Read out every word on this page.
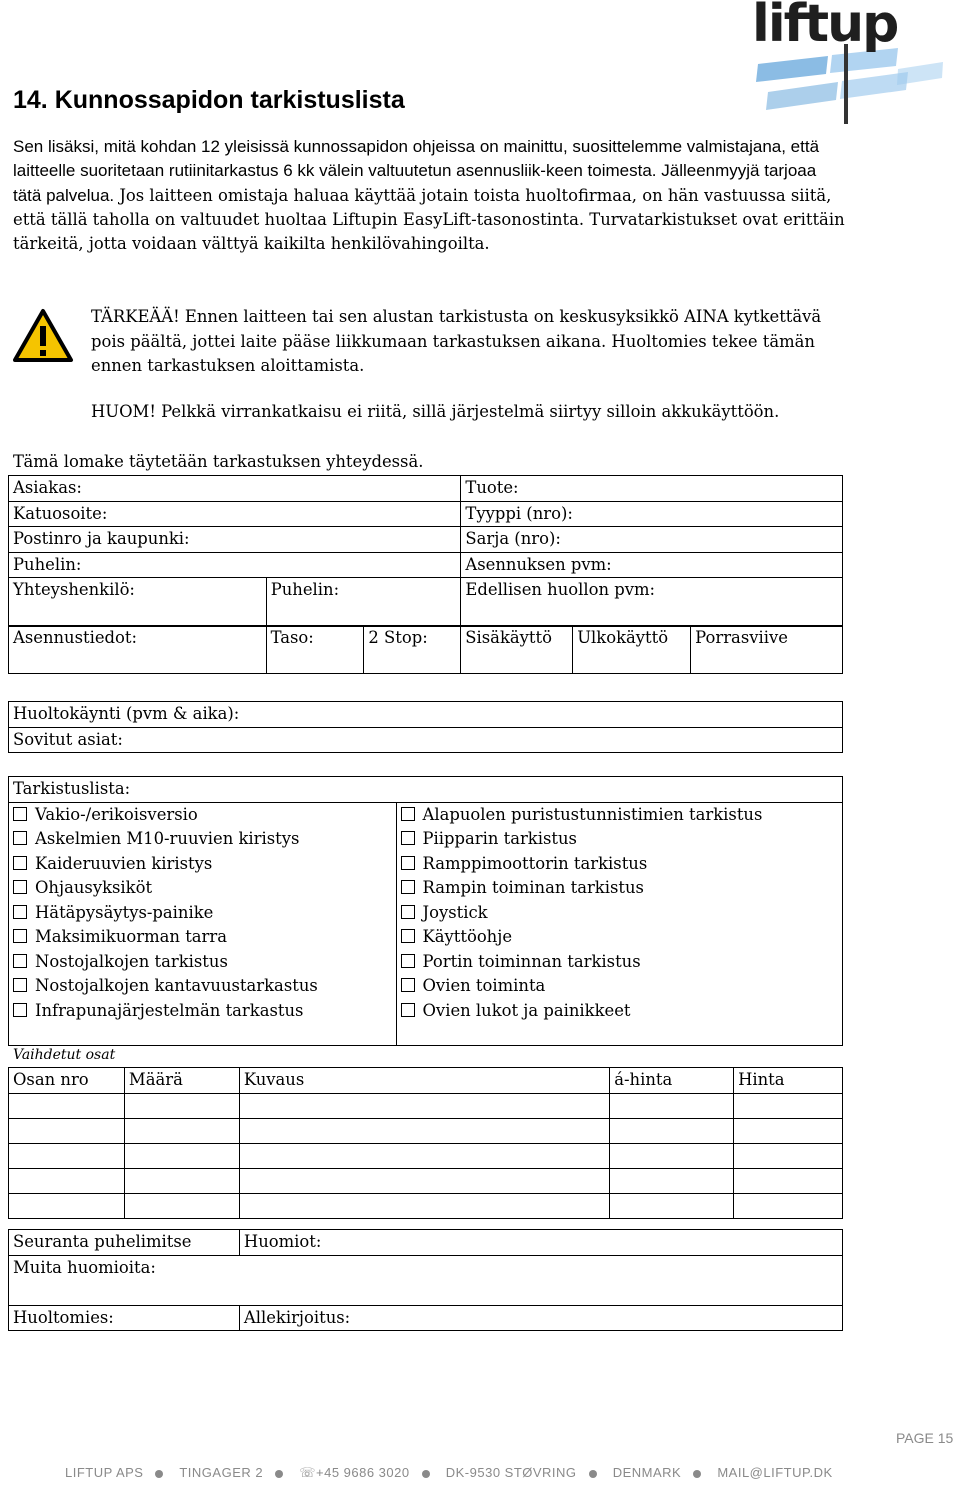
liftup
14. Kunnossapidon tarkistuslista
Sen lisäksi, mitä kohdan 12 yleisissä kunnossapidon ohjeissa on mainittu, suosittelemme valmistajana, että laitteelle suoritetaan rutiinitarkastus 6 kk välein valtuutetun asennusliik-keen toimesta. Jälleenmyyjä tarjoaa tätä palvelua. Jos laitteen omistaja haluaa käyttää jotain toista huoltofirmaa, on hän vastuussa siitä, että tällä taholla on valtuudet huoltaa Liftupin EasyLift-tasonostinta. Turvatarkistukset ovat erittäin tärkeitä, jotta voidaan välttyä kaikilta henkilövahingoilta.
TÄRKEÄÄ! Ennen laitteen tai sen alustan tarkistusta on keskusyksikkö AINA kytkettävä pois päältä, jottei laite pääse liikkumaan tarkastuksen aikana. Huoltomies tekee tämän ennen tarkastuksen aloittamista.
HUOM! Pelkkä virrankatkaisu ei riitä, sillä järjestelmä siirtyy silloin akkukäyttöön.
Tämä lomake täytetään tarkastuksen yhteydessä.
Asiakas:		Tuote:
Katuosoite:		Tyyppi (nro):
Postinro ja kaupunki:		Sarja (nro):
Puhelin:		Asennuksen pvm:
Yhteyshenkilö:	Puhelin:	Edellisen huollon pvm:
Asennustiedot:	Taso:	2 Stop:	Sisäkäyttö	Ulkokäyttö	Porrasviive
Huoltokäynti (pvm & aika):
Sovitut asiat:
Tarkistuslista:

Vakio-/erikoisversio
Askelmien M10-ruuvien kiristys
Kaideruuvien kiristys
Ohjausyksiköt
Hätäpysäytys-painike
Maksimikuorman tarra
Nostojalkojen tarkistus
Nostojalkojen kantavuustarkastus
Infrapunajärjestelmän tarkastus

Alapuolen puristustunnistimien tarkistus
Piipparin tarkistus
Ramppimoottorin tarkistus
Rampin toiminan tarkistus
Joystick
Käyttöohje
Portin toiminnan tarkistus
Ovien toiminta
Ovien lukot ja painikkeet
Vaihdetut osat
Osan nro	Määrä	Kuvaus	á-hinta	Hinta

Seuranta puhelimitse	Huomiot:
Muita huomioita:	

Huoltomies:	Allekirjoitus:
PAGE 15
LIFTUP APS	TINGAGER 2	☏+45 9686 3020	DK-9530 STØVRING	DENMARK	MAIL@LIFTUP.DK
